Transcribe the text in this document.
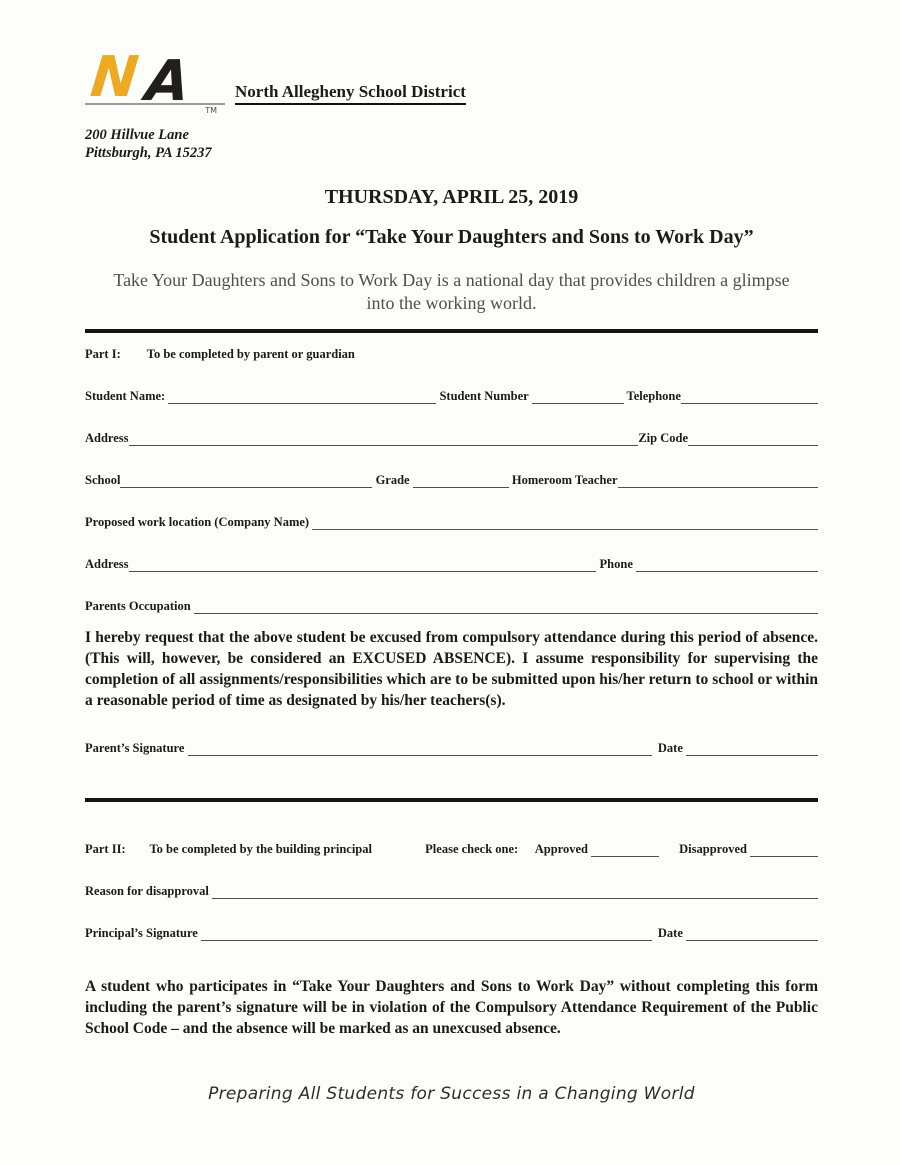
N A TM
North Allegheny School District
200 Hillvue Lane
Pittsburgh, PA 15237
THURSDAY, APRIL 25, 2019
Student Application for “Take Your Daughters and Sons to Work Day”
Take Your Daughters and Sons to Work Day is a national day that provides children a glimpse into the working world.
Part I: To be completed by parent or guardian
Student Name:	Student Number	Telephone
Address	Zip Code
School	Grade	Homeroom Teacher
Proposed work location (Company Name)
Address	Phone
Parents Occupation
I hereby request that the above student be excused from compulsory attendance during this period of absence. (This will, however, be considered an EXCUSED ABSENCE). I assume responsibility for supervising the completion of all assignments/responsibilities which are to be submitted upon his/her return to school or within a reasonable period of time as designated by his/her teachers(s).
Parent’s Signature	Date
Part II: To be completed by the building principal	Please check one: Approved	Disapproved
Reason for disapproval
Principal’s Signature	Date
A student who participates in “Take Your Daughters and Sons to Work Day” without completing this form including the parent’s signature will be in violation of the Compulsory Attendance Requirement of the Public School Code – and the absence will be marked as an unexcused absence.
Preparing All Students for Success in a Changing World
